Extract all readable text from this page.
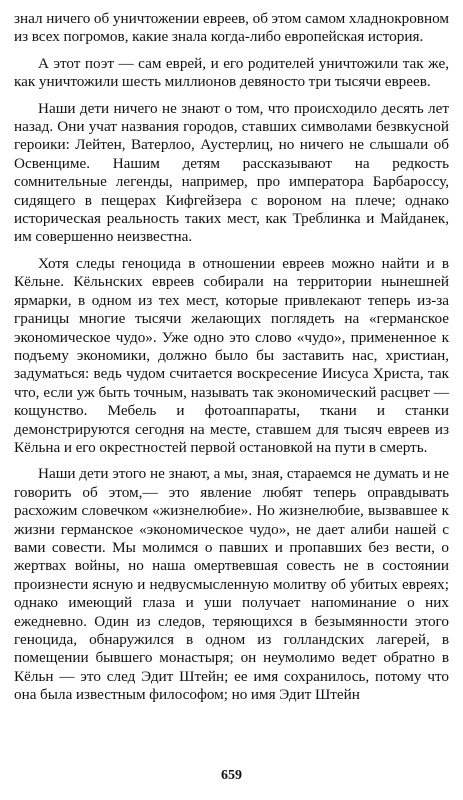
знал ничего об уничтожении евреев, об этом самом хладнокровном из всех погромов, какие знала когда-либо европейская история.

А этот поэт — сам еврей, и его родителей уничтожили так же, как уничтожили шесть миллионов девяносто три тысячи евреев.

Наши дети ничего не знают о том, что происходило десять лет назад. Они учат названия городов, ставших символами безвкусной героики: Лейтен, Ватерлоо, Аустерлиц, но ничего не слышали об Освенциме. Нашим детям рассказывают на редкость сомнительные легенды, например, про императора Барбароссу, сидящего в пещерах Кифгейзера с вороном на плече; однако историческая реальность таких мест, как Треблинка и Майданек, им совершенно неизвестна.

Хотя следы геноцида в отношении евреев можно найти и в Кёльне. Кёльнских евреев собирали на территории нынешней ярмарки, в одном из тех мест, которые привлекают теперь из-за границы многие тысячи желающих поглядеть на «германское экономическое чудо». Уже одно это слово «чудо», примененное к подъему экономики, должно было бы заставить нас, христиан, задуматься: ведь чудом считается воскресение Иисуса Христа, так что, если уж быть точным, называть так экономический расцвет — кощунство. Мебель и фотоаппараты, ткани и станки демонстрируются сегодня на месте, ставшем для тысяч евреев из Кёльна и его окрестностей первой остановкой на пути в смерть.

Наши дети этого не знают, а мы, зная, стараемся не думать и не говорить об этом,— это явление любят теперь оправдывать расхожим словечком «жизнелюбие». Но жизнелюбие, вызвавшее к жизни германское «экономическое чудо», не дает алиби нашей с вами совести. Мы молимся о павших и пропавших без вести, о жертвах войны, но наша омертвевшая совесть не в состоянии произнести ясную и недвусмысленную молитву об убитых евреях; однако имеющий глаза и уши получает напоминание о них ежедневно. Один из следов, теряющихся в безымянности этого геноцида, обнаружился в одном из голландских лагерей, в помещении бывшего монастыря; он неумолимо ведет обратно в Кёльн — это след Эдит Штейн; ее имя сохранилось, потому что она была известным философом; но имя Эдит Штейн

659
